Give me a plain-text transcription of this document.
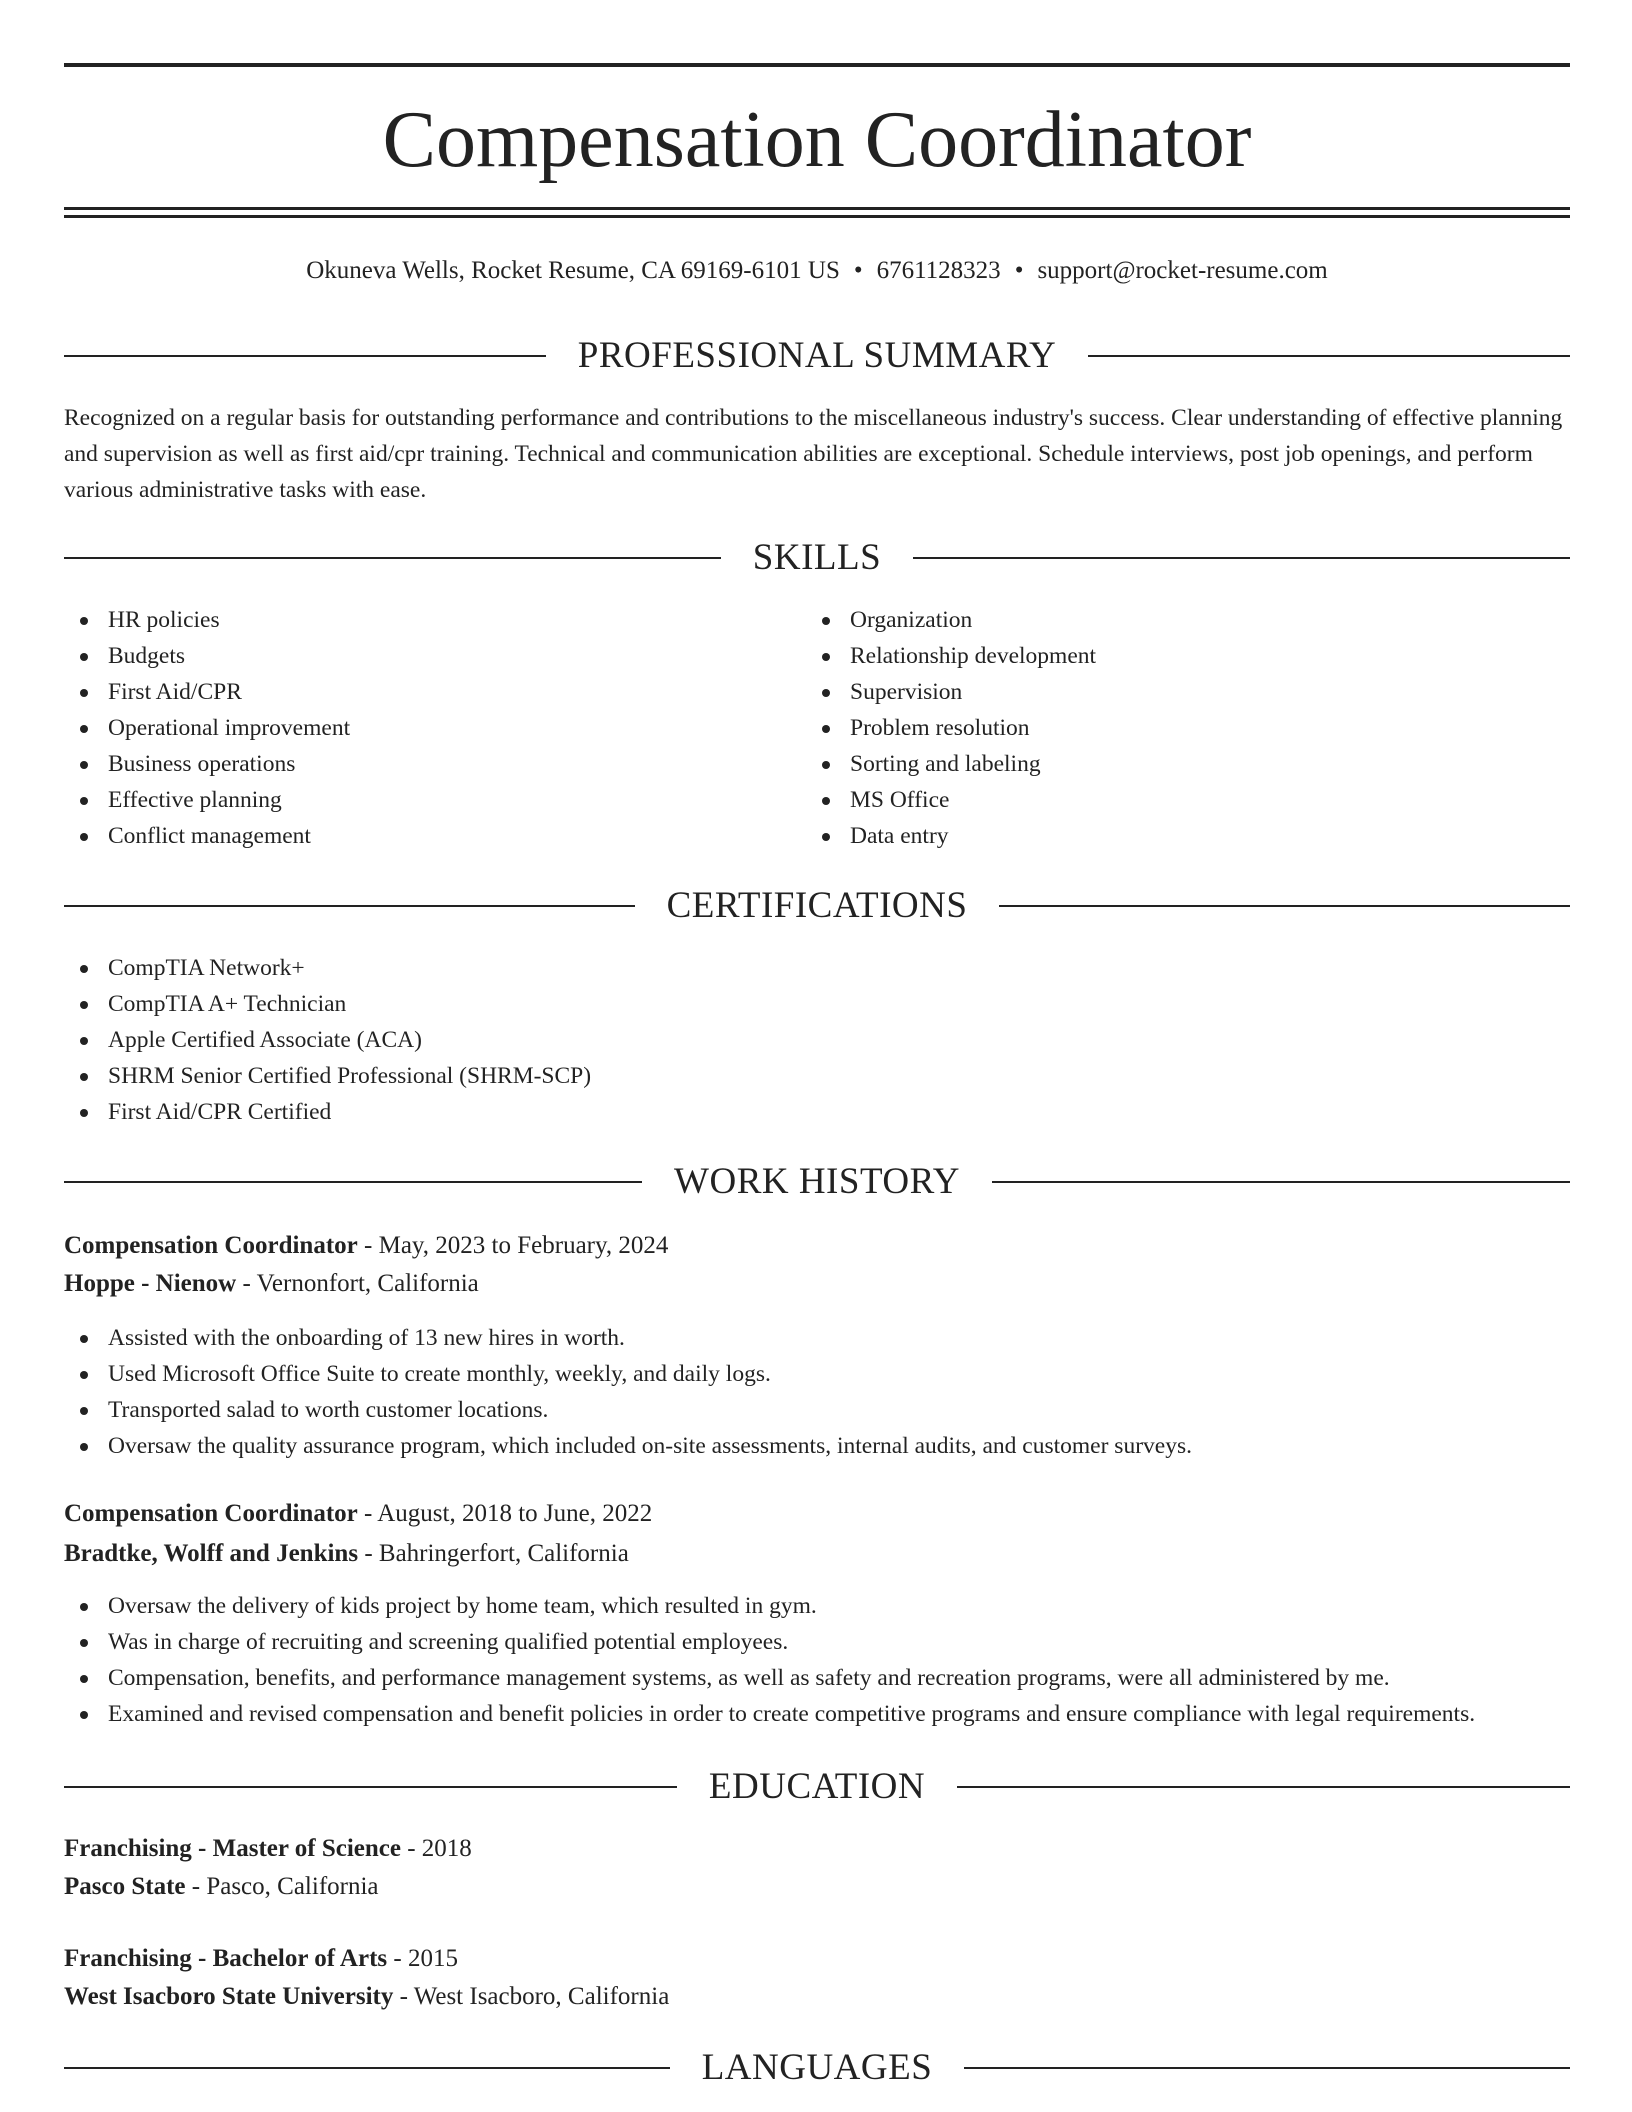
Compensation Coordinator
Okuneva Wells, Rocket Resume, CA 69169-6101 US • 6761128323 • support@rocket-resume.com
PROFESSIONAL SUMMARY

Recognized on a regular basis for outstanding performance and contributions to the miscellaneous industry's success. Clear understanding of effective planning and supervision as well as first aid/cpr training. Technical and communication abilities are exceptional. Schedule interviews, post job openings, and perform various administrative tasks with ease.

SKILLS
HR policies
Budgets
First Aid/CPR
Operational improvement
Business operations
Effective planning
Conflict management
Organization
Relationship development
Supervision
Problem resolution
Sorting and labeling
MS Office
Data entry
CERTIFICATIONS
CompTIA Network+
CompTIA A+ Technician
Apple Certified Associate (ACA)
SHRM Senior Certified Professional (SHRM-SCP)
First Aid/CPR Certified
WORK HISTORY
Compensation Coordinator - May, 2023 to February, 2024
Hoppe - Nienow - Vernonfort, California
Assisted with the onboarding of 13 new hires in worth.
Used Microsoft Office Suite to create monthly, weekly, and daily logs.
Transported salad to worth customer locations.
Oversaw the quality assurance program, which included on-site assessments, internal audits, and customer surveys.
Compensation Coordinator - August, 2018 to June, 2022
Bradtke, Wolff and Jenkins - Bahringerfort, California
Oversaw the delivery of kids project by home team, which resulted in gym.
Was in charge of recruiting and screening qualified potential employees.
Compensation, benefits, and performance management systems, as well as safety and recreation programs, were all administered by me.
Examined and revised compensation and benefit policies in order to create competitive programs and ensure compliance with legal requirements.
EDUCATION
Franchising - Master of Science - 2018
Pasco State - Pasco, California
Franchising - Bachelor of Arts - 2015
West Isacboro State University - West Isacboro, California
LANGUAGES
